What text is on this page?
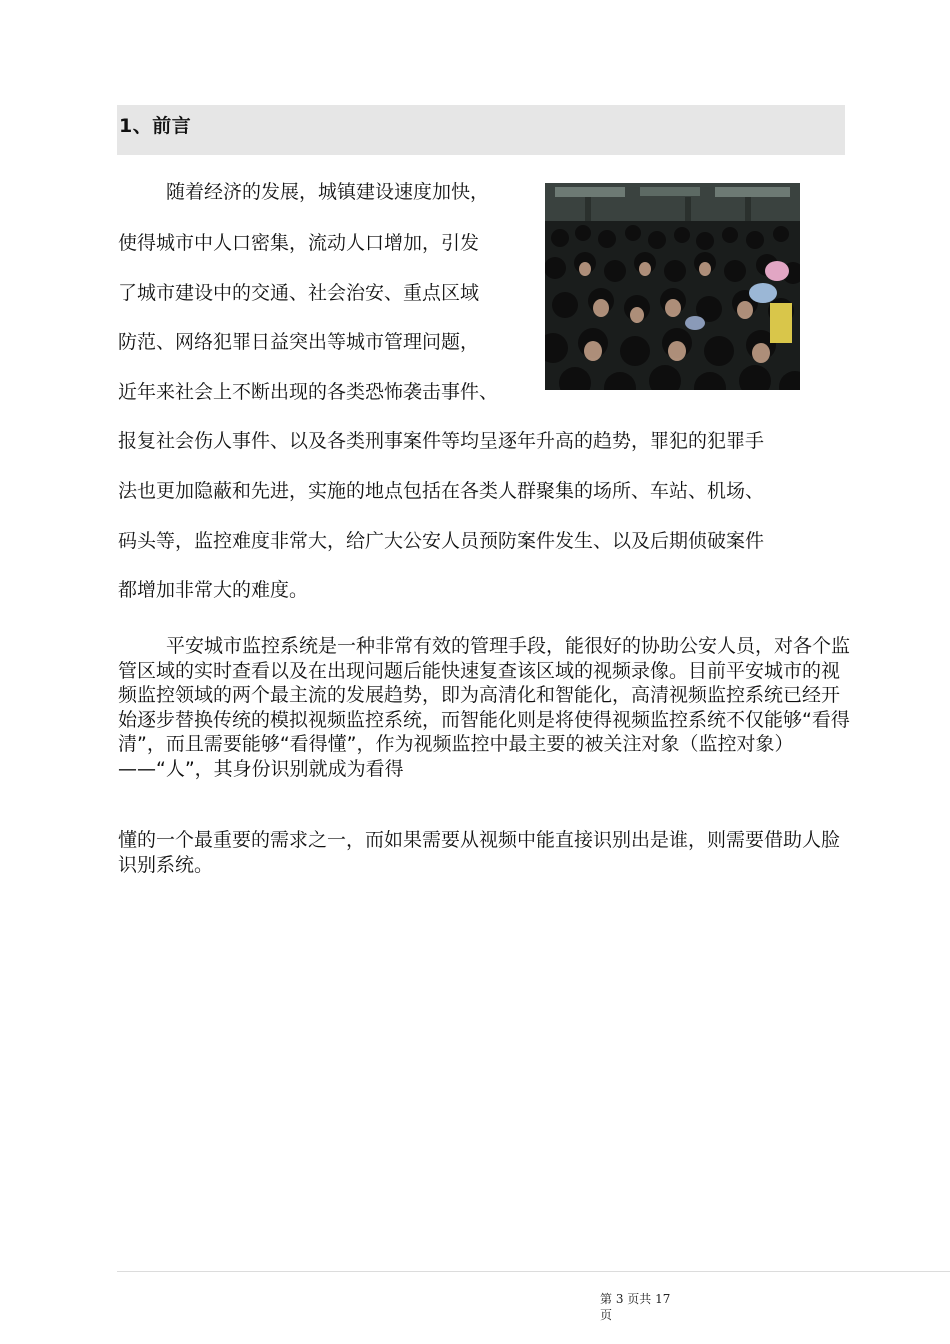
1、前言
随着经济的发展，城镇建设速度加快，
使得城市中人口密集，流动人口增加，引发
了城市建设中的交通、社会治安、重点区域
防范、网络犯罪日益突出等城市管理问题，
近年来社会上不断出现的各类恐怖袭击事件、
报复社会伤人事件、以及各类刑事案件等均呈逐年升高的趋势，罪犯的犯罪手
法也更加隐蔽和先进，实施的地点包括在各类人群聚集的场所、车站、机场、
码头等，监控难度非常大，给广大公安人员预防案件发生、以及后期侦破案件
都增加非常大的难度。
平安城市监控系统是一种非常有效的管理手段，能很好的协助公安人员，对各个监管区域的实时查看以及在出现问题后能快速复查该区域的视频录像。目前平安城市的视频监控领域的两个最主流的发展趋势，即为高清化和智能化，高清视频监控系统已经开始逐步替换传统的模拟视频监控系统，而智能化则是将使得视频监控系统不仅能够“看得清”，而且需要能够“看得懂”，作为视频监控中最主要的被关注对象（监控对象）——“人”，其身份识别就成为看得
懂的一个最重要的需求之一，而如果需要从视频中能直接识别出是谁，则需要借助人脸识别系统。
第 3 页共 17 页
